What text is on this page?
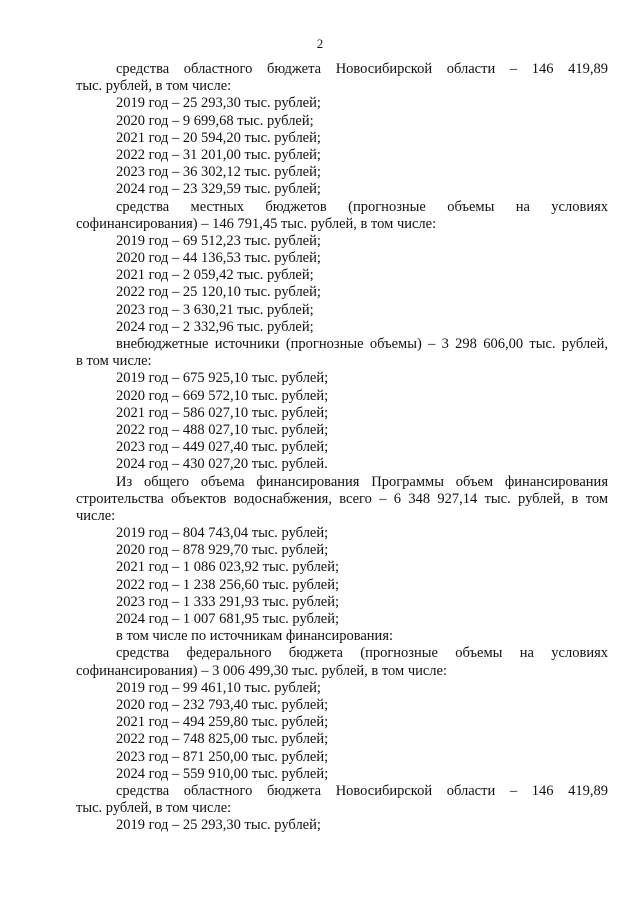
2
средства областного бюджета Новосибирской области – 146 419,89
тыс. рублей, в том числе:
2019 год – 25 293,30 тыс. рублей;
2020 год – 9 699,68 тыс. рублей;
2021 год – 20 594,20 тыс. рублей;
2022 год – 31 201,00 тыс. рублей;
2023 год – 36 302,12 тыс. рублей;
2024 год – 23 329,59 тыс. рублей;
средства местных бюджетов (прогнозные объемы на условиях
софинансирования) – 146 791,45 тыс. рублей, в том числе:
2019 год – 69 512,23 тыс. рублей;
2020 год – 44 136,53 тыс. рублей;
2021 год – 2 059,42 тыс. рублей;
2022 год – 25 120,10 тыс. рублей;
2023 год – 3 630,21 тыс. рублей;
2024 год – 2 332,96 тыс. рублей;
внебюджетные источники (прогнозные объемы) – 3 298 606,00 тыс. рублей,
в том числе:
2019 год – 675 925,10 тыс. рублей;
2020 год – 669 572,10 тыс. рублей;
2021 год – 586 027,10 тыс. рублей;
2022 год – 488 027,10 тыс. рублей;
2023 год – 449 027,40 тыс. рублей;
2024 год – 430 027,20 тыс. рублей.
Из общего объема финансирования Программы объем финансирования
строительства объектов водоснабжения, всего – 6 348 927,14 тыс. рублей, в том
числе:
2019 год – 804 743,04 тыс. рублей;
2020 год – 878 929,70 тыс. рублей;
2021 год – 1 086 023,92 тыс. рублей;
2022 год – 1 238 256,60 тыс. рублей;
2023 год – 1 333 291,93 тыс. рублей;
2024 год – 1 007 681,95 тыс. рублей;
в том числе по источникам финансирования:
средства федерального бюджета (прогнозные объемы на условиях
софинансирования) – 3 006 499,30 тыс. рублей, в том числе:
2019 год – 99 461,10 тыс. рублей;
2020 год – 232 793,40 тыс. рублей;
2021 год – 494 259,80 тыс. рублей;
2022 год – 748 825,00 тыс. рублей;
2023 год – 871 250,00 тыс. рублей;
2024 год – 559 910,00 тыс. рублей;
средства областного бюджета Новосибирской области – 146 419,89
тыс. рублей, в том числе:
2019 год – 25 293,30 тыс. рублей;
